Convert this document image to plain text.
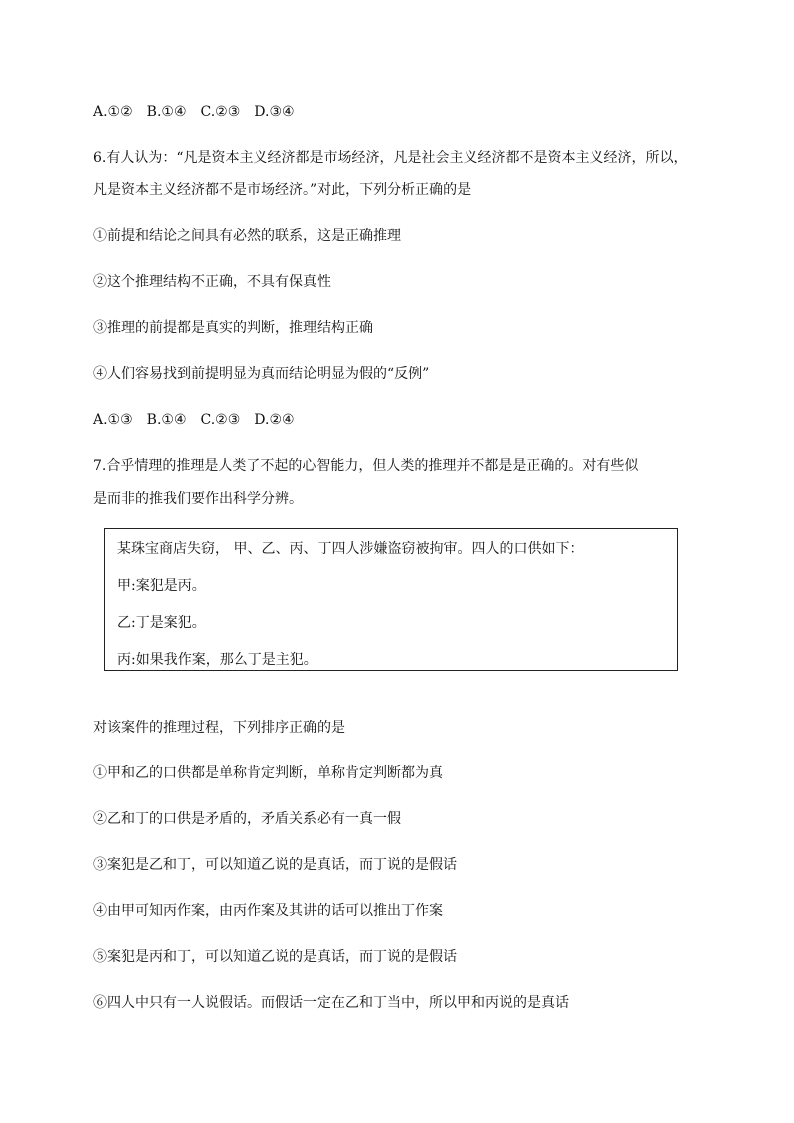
A.①② B.①④ C.②③ D.③④
6.有人认为：“凡是资本主义经济都是市场经济，凡是社会主义经济都不是资本主义经济，所以，
凡是资本主义经济都不是市场经济。”对此，下列分析正确的是
①前提和结论之间具有必然的联系，这是正确推理
②这个推理结构不正确，不具有保真性
③推理的前提都是真实的判断，推理结构正确
④人们容易找到前提明显为真而结论明显为假的“反例”
A.①③ B.①④ C.②③ D.②④
7.合乎情理的推理是人类了不起的心智能力，但人类的推理并不都是是正确的。对有些似
是而非的推我们要作出科学分辨。
某珠宝商店失窃， 甲、乙、丙、丁四人涉嫌盗窃被拘审。四人的口供如下：
甲:案犯是丙。
乙:丁是案犯。
丙:如果我作案，那么丁是主犯。
对该案件的推理过程，下列排序正确的是
①甲和乙的口供都是单称肯定判断，单称肯定判断都为真
②乙和丁的口供是矛盾的，矛盾关系必有一真一假
③案犯是乙和丁，可以知道乙说的是真话，而丁说的是假话
④由甲可知丙作案，由丙作案及其讲的话可以推出丁作案
⑤案犯是丙和丁，可以知道乙说的是真话，而丁说的是假话
⑥四人中只有一人说假话。而假话一定在乙和丁当中，所以甲和丙说的是真话
